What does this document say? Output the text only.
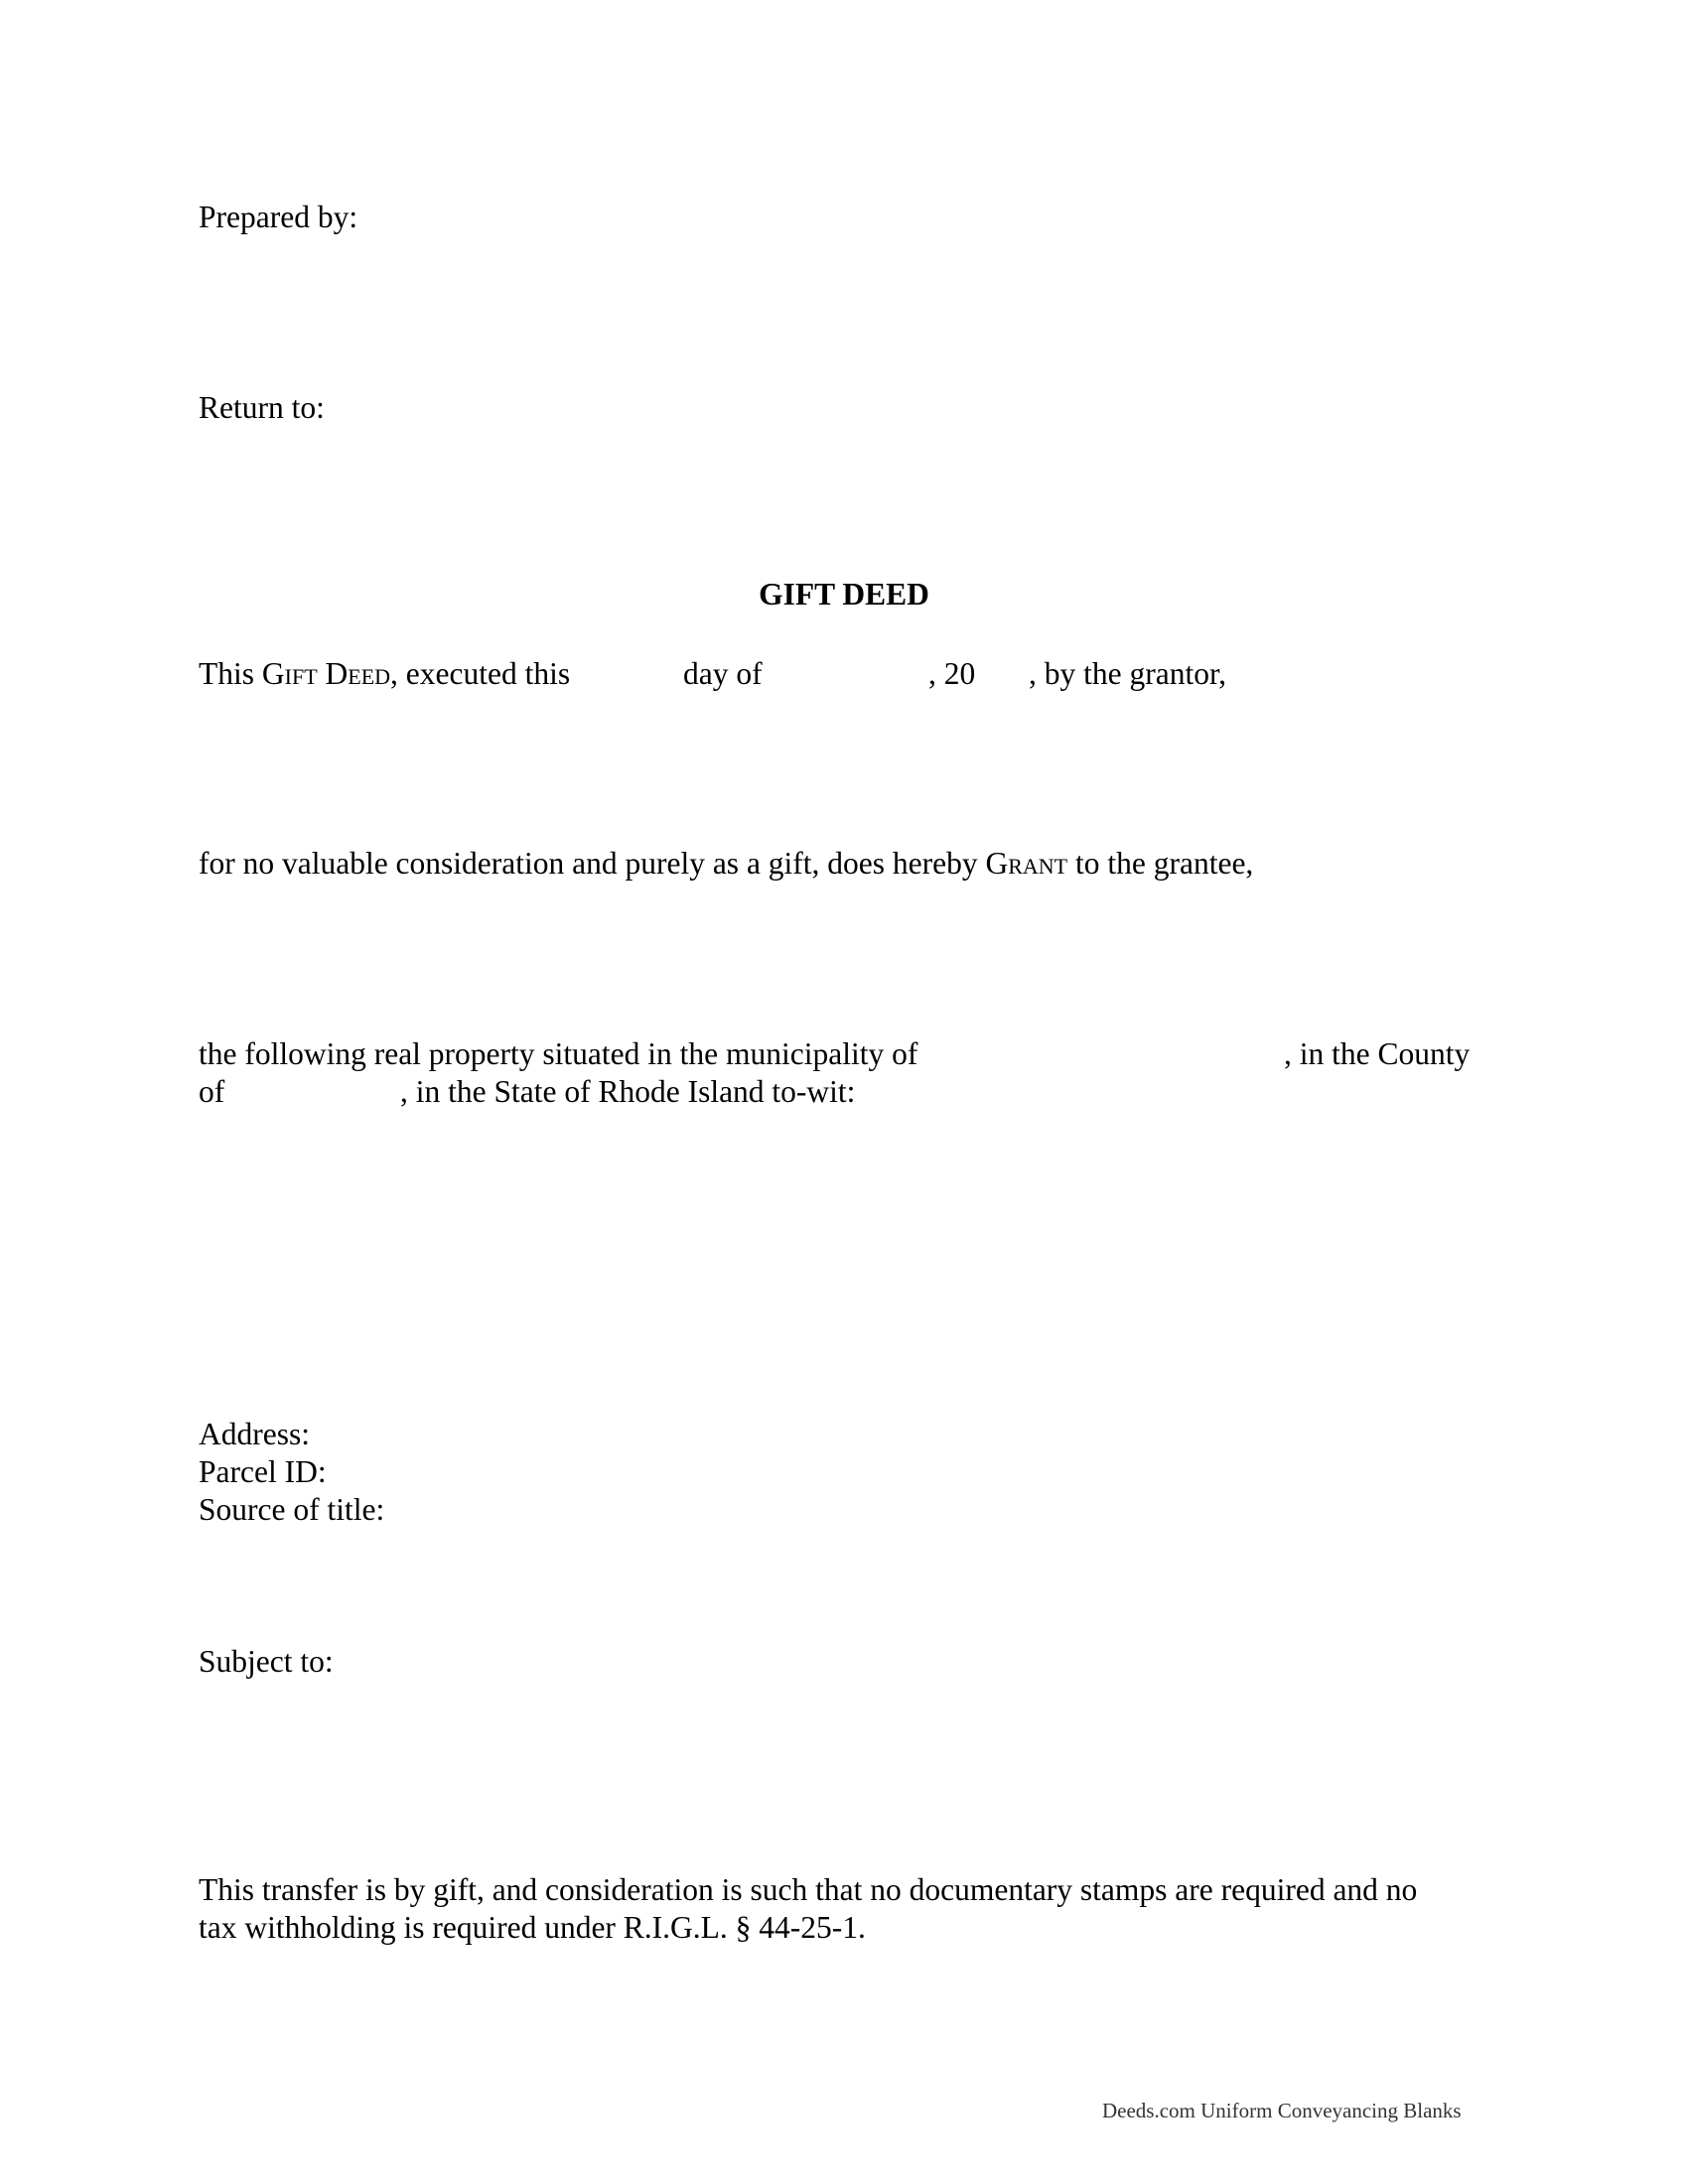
Prepared by:
Return to:
GIFT DEED
This Gift Deed, executed this	day of	, 20 , by the grantor,
for no valuable consideration and purely as a gift, does hereby Grant to the grantee,
the following real property situated in the municipality of	, in the County
of	, in the State of Rhode Island to-wit:
Address:
Parcel ID:
Source of title:
Subject to:
This transfer is by gift, and consideration is such that no documentary stamps are required and no
tax withholding is required under R.I.G.L. § 44-25-1.
Deeds.com Uniform Conveyancing Blanks
